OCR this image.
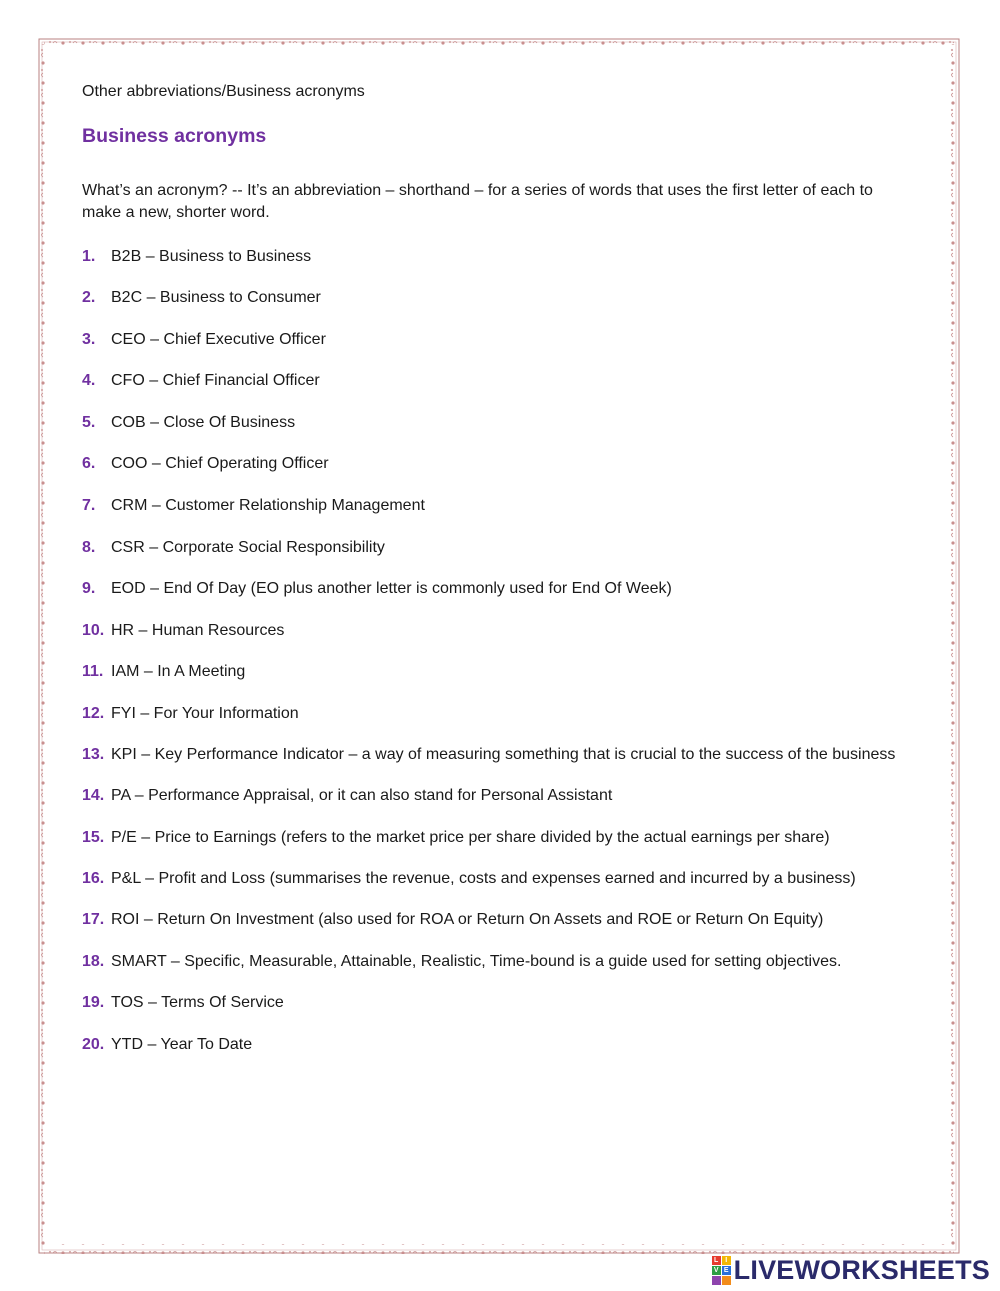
Other abbreviations/Business acronyms
Business acronyms
What’s an acronym? -- It’s an abbreviation – shorthand – for a series of words that uses the first letter of each to make a new, shorter word.
1. B2B – Business to Business
2. B2C – Business to Consumer
3. CEO – Chief Executive Officer
4. CFO – Chief Financial Officer
5. COB – Close Of Business
6. COO – Chief Operating Officer
7. CRM – Customer Relationship Management
8. CSR – Corporate Social Responsibility
9. EOD – End Of Day (EO plus another letter is commonly used for End Of Week)
10. HR – Human Resources
11. IAM – In A Meeting
12. FYI – For Your Information
13. KPI – Key Performance Indicator – a way of measuring something that is crucial to the success of the business
14. PA – Performance Appraisal, or it can also stand for Personal Assistant
15. P/E – Price to Earnings (refers to the market price per share divided by the actual earnings per share)
16. P&L – Profit and Loss (summarises the revenue, costs and expenses earned and incurred by a business)
17. ROI – Return On Investment (also used for ROA or Return On Assets and ROE or Return On Equity)
18. SMART – Specific, Measurable, Attainable, Realistic, Time-bound is a guide used for setting objectives.
19. TOS – Terms Of Service
20. YTD – Year To Date
L I
V E LIVEWORKSHEETS
